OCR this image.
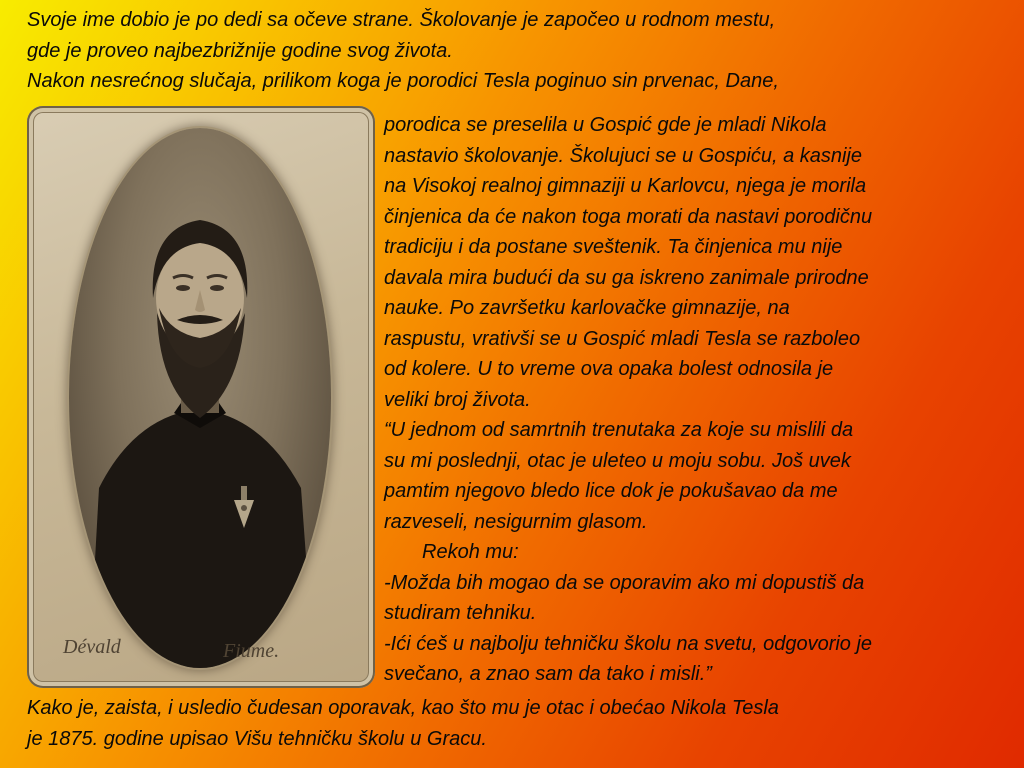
Svoje ime dobio je po dedi sa očeve strane. Školovanje je započeo u rodnom mestu,
gde je proveo najbezbrižnije godine svog života.
Nakon nesrećnog slučaja, prilikom koga je porodici Tesla poginuo sin prvenac, Dane,
Dévald	Fiume.
porodica se preselila u Gospić gde je mladi Nikola
nastavio školovanje. Školujuci se u Gospiću, a kasnije
na Visokoj realnoj gimnaziji u Karlovcu, njega je morila
činjenica da će nakon toga morati da nastavi porodičnu
tradiciju i da postane sveštenik. Ta činjenica mu nije
davala mira budući da su ga iskreno zanimale prirodne
nauke. Po završetku karlovačke gimnazije, na
raspustu, vrativši se u Gospić mladi Tesla se razboleo
od kolere. U to vreme ova opaka bolest odnosila je
veliki broj života.
“U jednom od samrtnih trenutaka za koje su mislili da
su mi poslednji, otac je uleteo u moju sobu. Još uvek
pamtim njegovo bledo lice dok je pokušavao da me
razveseli, nesigurnim glasom.
Rekoh mu:
-Možda bih mogao da se oporavim ako mi dopustiš da
studiram tehniku.
-Ići ćeš u najbolju tehničku školu na svetu, odgovorio je
svečano, a znao sam da tako i misli.”
Kako je, zaista, i usledio čudesan oporavak, kao što mu je otac i obećao Nikola Tesla
je 1875. godine upisao Višu tehničku školu u Gracu.
